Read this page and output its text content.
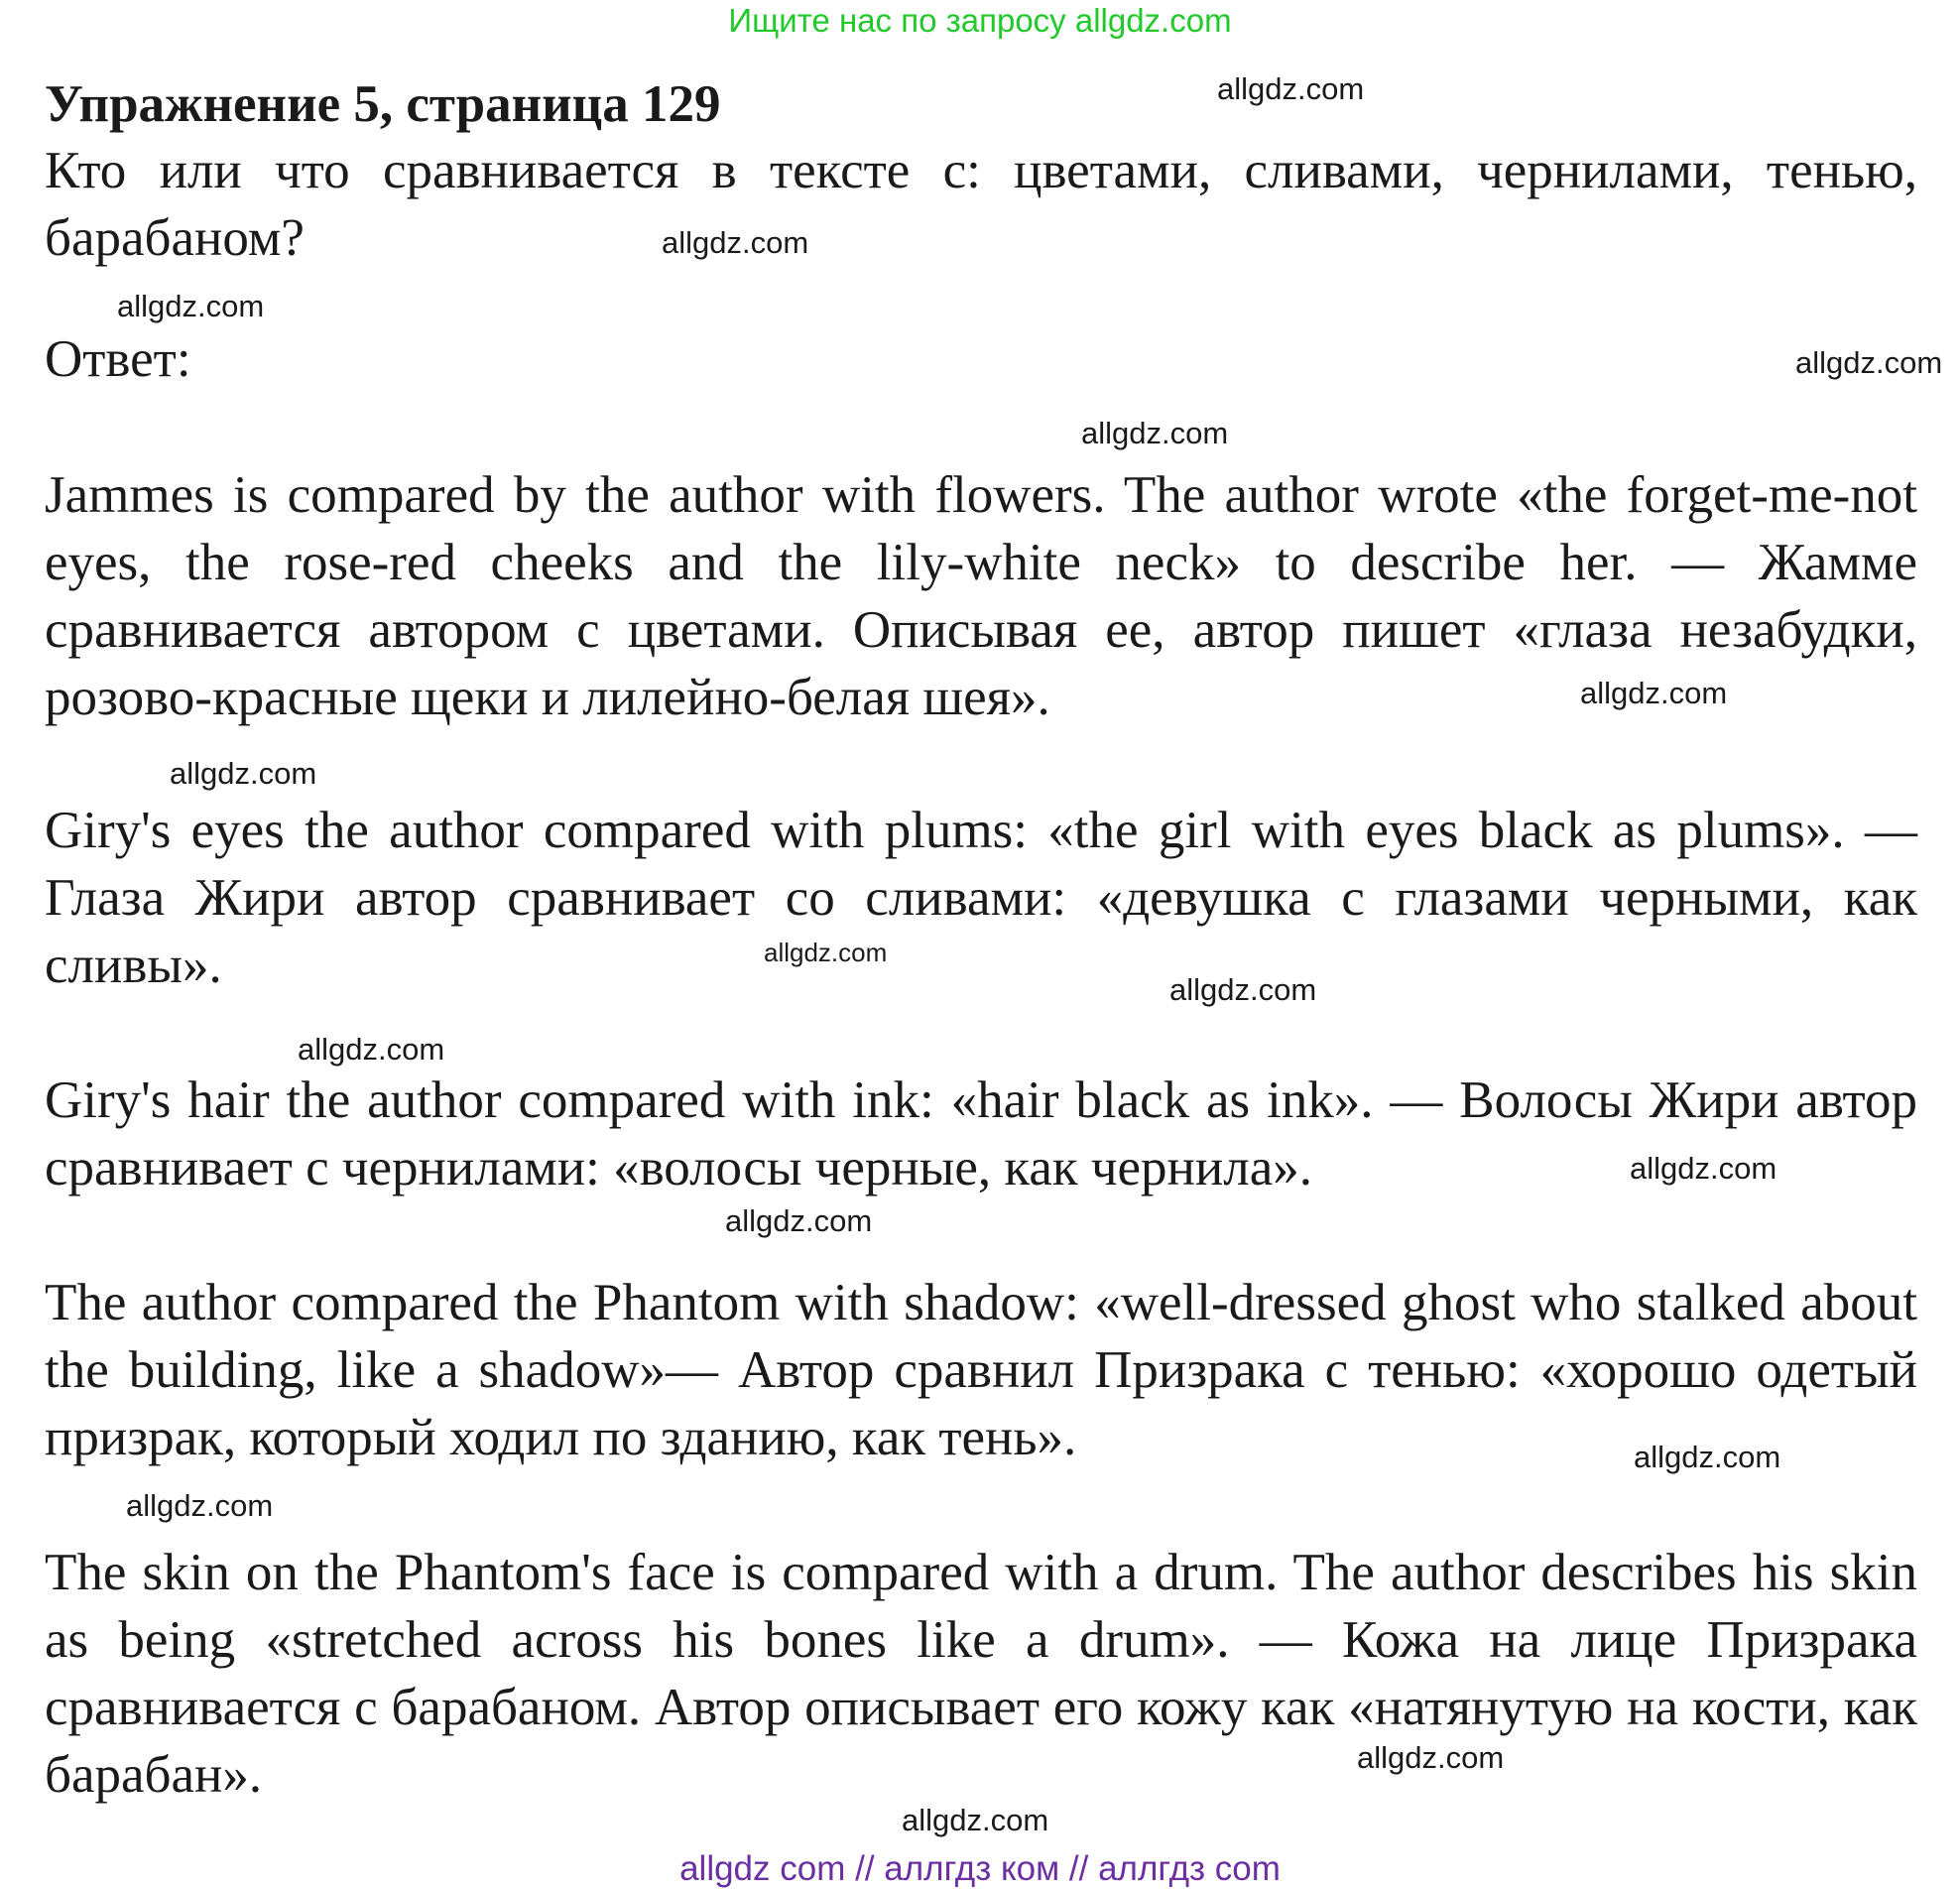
Ищите нас по запросу allgdz.com
Упражнение 5, страница 129

Кто или что сравнивается в тексте с: цветами, сливами, чернилами, тенью, барабаном?

Ответ:

Jammes is compared by the author with flowers. The author wrote «the forget-me-not eyes, the rose-red cheeks and the lily-white neck» to describe her. — Жамме сравнивается автором с цветами. Описывая ее, автор пишет «глаза незабудки, розово-красные щеки и лилейно-белая шея».

Giry's eyes the author compared with plums: «the girl with eyes black as plums». — Глаза Жири автор сравнивает со сливами: «девушка с глазами черными, как сливы».

Giry's hair the author compared with ink: «hair black as ink». — Волосы Жири автор сравнивает с чернилами: «волосы черные, как чернила».

The author compared the Phantom with shadow: «well-dressed ghost who stalked about the building, like a shadow»— Автор сравнил Призрака с тенью: «хорошо одетый призрак, который ходил по зданию, как тень».

The skin on the Phantom's face is compared with a drum. The author describes his skin as being «stretched across his bones like a drum». — Кожа на лице Призрака сравнивается с барабаном. Автор описывает его кожу как «натянутую на кости, как барабан».

allgdz.com
allgdz.com
allgdz.com
allgdz.com
allgdz.com
allgdz.com
allgdz.com
allgdz.com
allgdz.com
allgdz.com
allgdz.com
allgdz.com
allgdz.com
allgdz.com
allgdz.com
allgdz.com
allgdz com // аллгдз ком // аллгдз com
